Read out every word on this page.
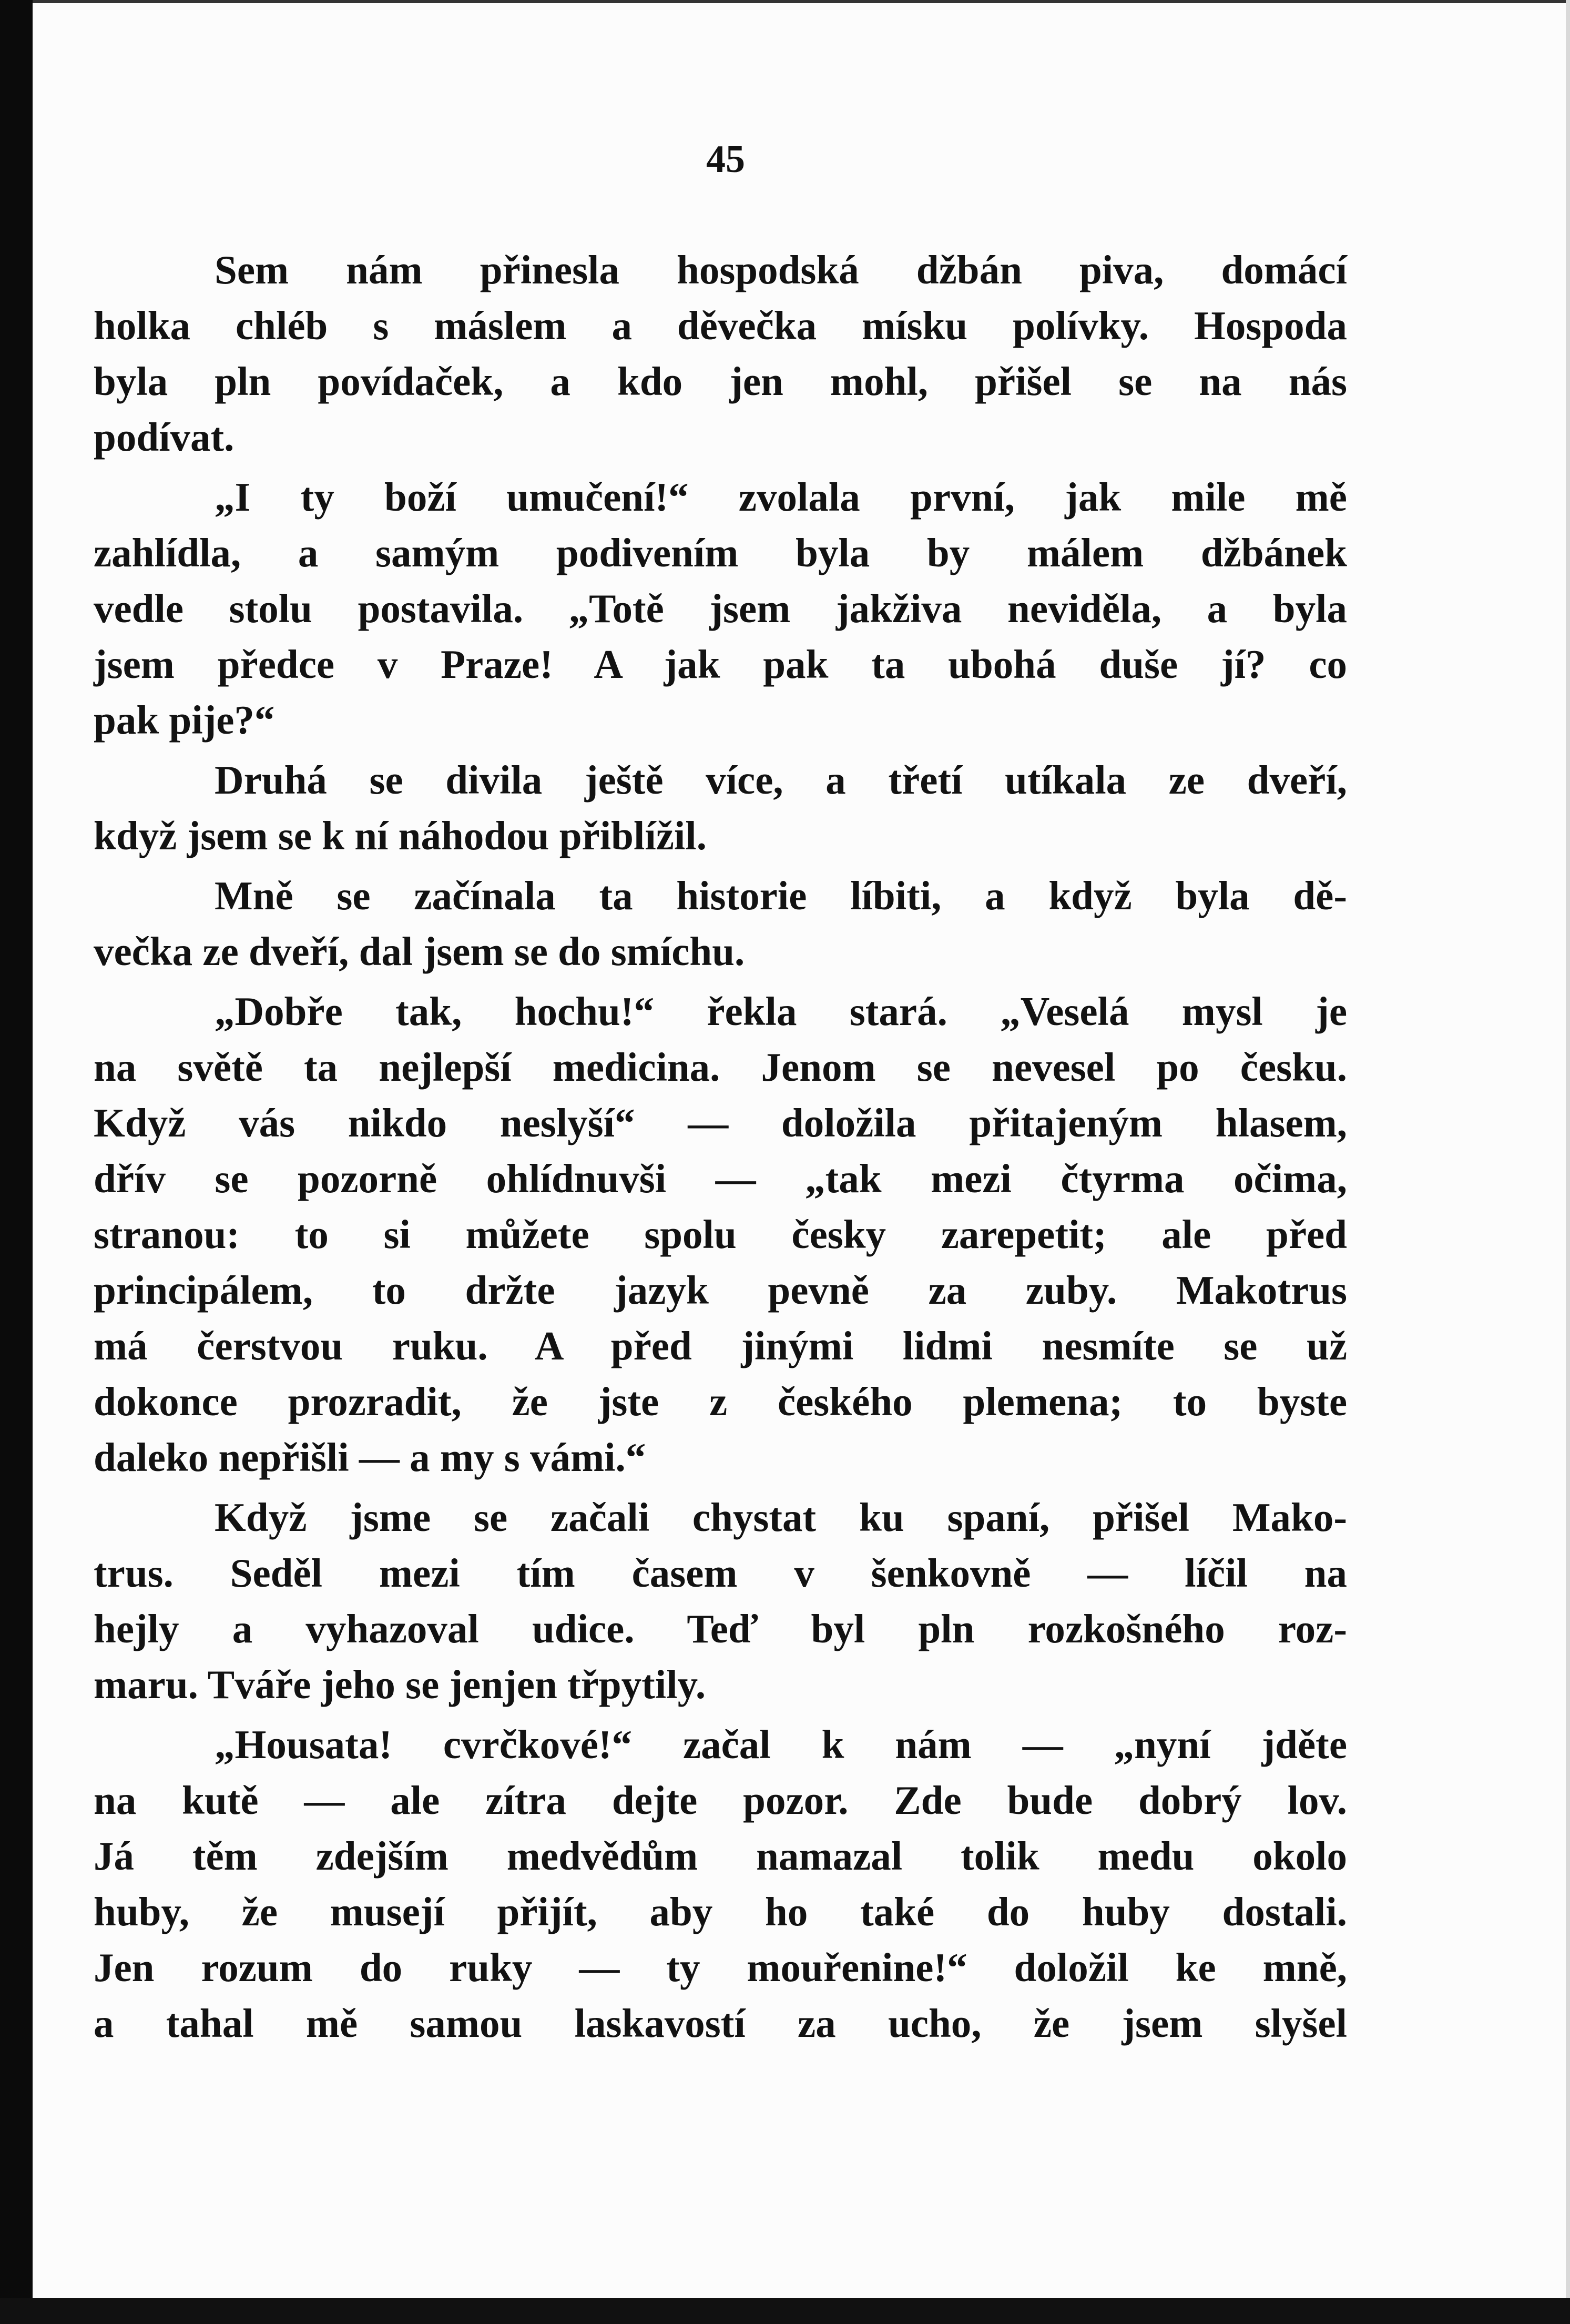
45
Sem nám přinesla hospodská džbán piva, domácí
holka chléb s máslem a děvečka mísku polívky. Hospoda
byla pln povídaček, a kdo jen mohl, přišel se na nás
podívat.
„I ty boží umučení!“ zvolala první, jak mile mě
zahlídla, a samým podivením byla by málem džbánek
vedle stolu postavila. „Totě jsem jakživa neviděla, a byla
jsem předce v Praze! A jak pak ta ubohá duše jí? co
pak pije?“
Druhá se divila ještě více, a třetí utíkala ze dveří,
když jsem se k ní náhodou přiblížil.
Mně se začínala ta historie líbiti, a když byla dě-
večka ze dveří, dal jsem se do smíchu.
„Dobře tak, hochu!“ řekla stará. „Veselá mysl je
na světě ta nejlepší medicina. Jenom se nevesel po česku.
Když vás nikdo neslyší“ — doložila přitajeným hlasem,
dřív se pozorně ohlídnuvši — „tak mezi čtyrma očima,
stranou: to si můžete spolu česky zarepetit; ale před
principálem, to držte jazyk pevně za zuby. Makotrus
má čerstvou ruku. A před jinými lidmi nesmíte se už
dokonce prozradit, že jste z českého plemena; to byste
daleko nepřišli — a my s vámi.“
Když jsme se začali chystat ku spaní, přišel Mako-
trus. Seděl mezi tím časem v šenkovně — líčil na
hejly a vyhazoval udice. Teď byl pln rozkošného roz-
maru. Tváře jeho se jenjen třpytily.
„Housata! cvrčkové!“ začal k nám — „nyní jděte
na kutě — ale zítra dejte pozor. Zde bude dobrý lov.
Já těm zdejším medvědům namazal tolik medu okolo
huby, že musejí přijít, aby ho také do huby dostali.
Jen rozum do ruky — ty mouřenine!“ doložil ke mně,
a tahal mě samou laskavostí za ucho, že jsem slyšel
